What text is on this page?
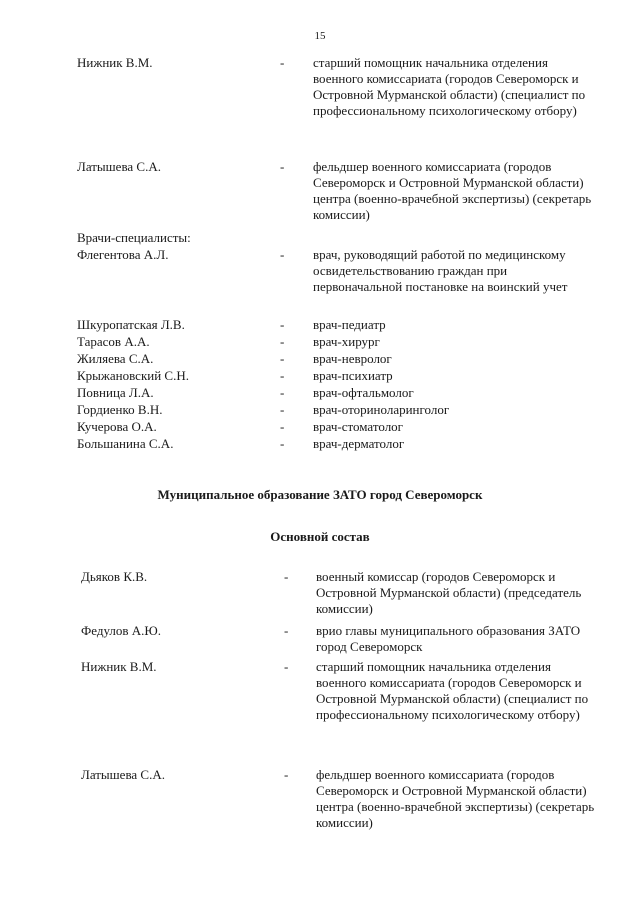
15
Нижник В.М.	- старший помощник начальника отделения военного комиссариата (городов Североморск и Островной Мурманской области) (специалист по профессиональному психологическому отбору)
Латышева С.А.	- фельдшер военного комиссариата (городов Североморск и Островной Мурманской области) центра (военно-врачебной экспертизы) (секретарь комиссии)
Врачи-специалисты:
Флегентова А.Л.	- врач, руководящий работой по медицинскому освидетельствованию граждан при первоначальной постановке на воинский учет
Шкуропатская Л.В.	- врач-педиатр
Тарасов А.А.	- врач-хирург
Жиляева С.А.	- врач-невролог
Крыжановский С.Н.	- врач-психиатр
Повница Л.А.	- врач-офтальмолог
Гордиенко В.Н.	- врач-оториноларинголог
Кучерова О.А.	- врач-стоматолог
Большанина С.А.	- врач-дерматолог
Муниципальное образование ЗАТО город Североморск
Основной состав
Дьяков К.В.	- военный комиссар (городов Североморск и Островной Мурманской области) (председатель комиссии)
Федулов А.Ю.	- врио главы муниципального образования ЗАТО город Североморск
Нижник В.М.	- старший помощник начальника отделения военного комиссариата (городов Североморск и Островной Мурманской области) (специалист по профессиональному психологическому отбору)
Латышева С.А.	- фельдшер военного комиссариата (городов Североморск и Островной Мурманской области) центра (военно-врачебной экспертизы) (секретарь комиссии)
